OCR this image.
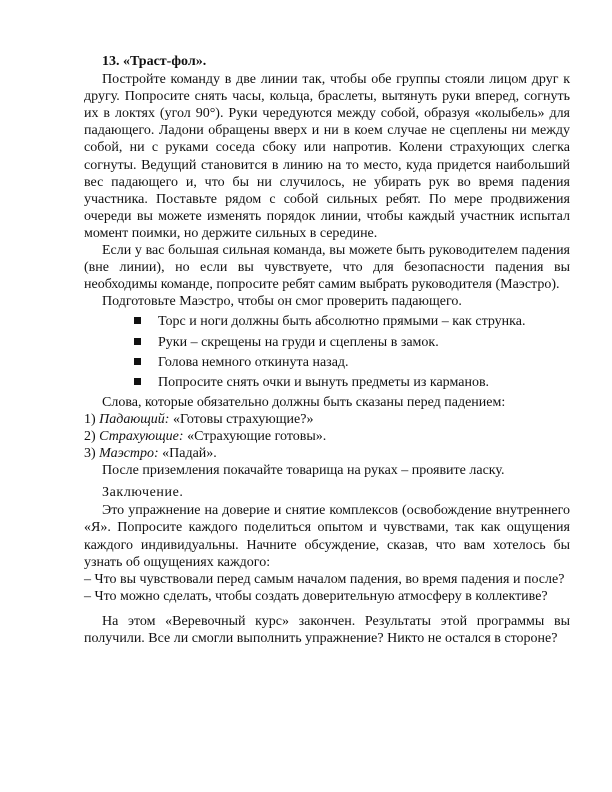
13. «Траст-фол».

Постройте команду в две линии так, чтобы обе группы стояли лицом друг к другу. Попросите снять часы, кольца, браслеты, вытянуть руки вперед, согнуть их в локтях (угол 90°). Руки чередуются между собой, образуя «колыбель» для падающего. Ладони обращены вверх и ни в коем случае не сцеплены ни между собой, ни с руками соседа сбоку или напротив. Колени страхующих слегка согнуты. Ведущий становится в линию на то место, куда придется наибольший вес падающего и, что бы ни случилось, не убирать рук во время падения участника. Поставьте рядом с собой сильных ребят. По мере продвижения очереди вы можете изменять порядок линии, чтобы каждый участник испытал момент поимки, но держите сильных в середине.

Если у вас большая сильная команда, вы можете быть руководителем падения (вне линии), но если вы чувствуете, что для безопасности падения вы необходимы команде, попросите ребят самим выбрать руководителя (Маэстро).

Подготовьте Маэстро, чтобы он смог проверить падающего.

Торс и ноги должны быть абсолютно прямыми – как струнка.
Руки – скрещены на груди и сцеплены в замок.
Голова немного откинута назад.
Попросите снять очки и вынуть предметы из карманов.

Слова, которые обязательно должны быть сказаны перед падением:

1) Падающий: «Готовы страхующие?»

2) Страхующие: «Страхующие готовы».

3) Маэстро: «Падай».

После приземления покачайте товарища на руках – проявите ласку.

Заключение.

Это упражнение на доверие и снятие комплексов (освобождение внутреннего «Я». Попросите каждого поделиться опытом и чувствами, так как ощущения каждого индивидуальны. Начните обсуждение, сказав, что вам хотелось бы узнать об ощущениях каждого:

– Что вы чувствовали перед самым началом падения, во время падения и после?

– Что можно сделать, чтобы создать доверительную атмосферу в коллективе?

На этом «Веревочный курс» закончен. Результаты этой программы вы получили. Все ли смогли выполнить упражнение? Никто не остался в стороне?
